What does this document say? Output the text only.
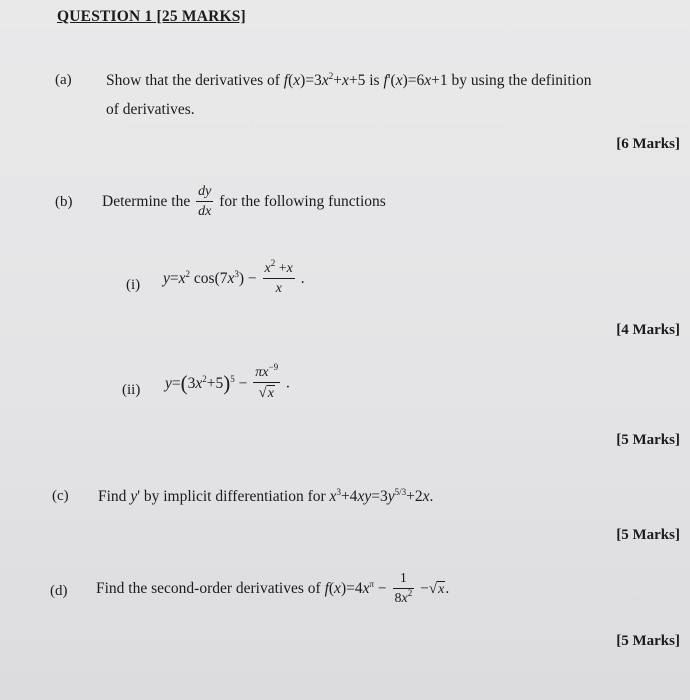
QUESTION 1 [25 MARKS]
(a) Show that the derivatives of $f(x)=3x^2+x+5$ is f'(x)=6x+1 by using the definition
of derivatives.
[6 Marks]
(b) Determine the $\frac{dy}{dx}$ for the following functions
(i) $y=x^2$ $\cos(7x^3) - \frac{x^2 +x}{x}$ .
[4 Marks]
(ii) $y=(3x^2+5)^5 - \frac{\pi x^{-9}}{√x}$ .
[5 Marks]
(c) Find y' by implicit differentiation for $x^3+4xy=3y^{5/3}+2x$.
[5 Marks]
(d) Find the second-order derivatives of $f(x)=4x^\pi - \frac{1}{8x^2} -√x$.
[5 Marks]
